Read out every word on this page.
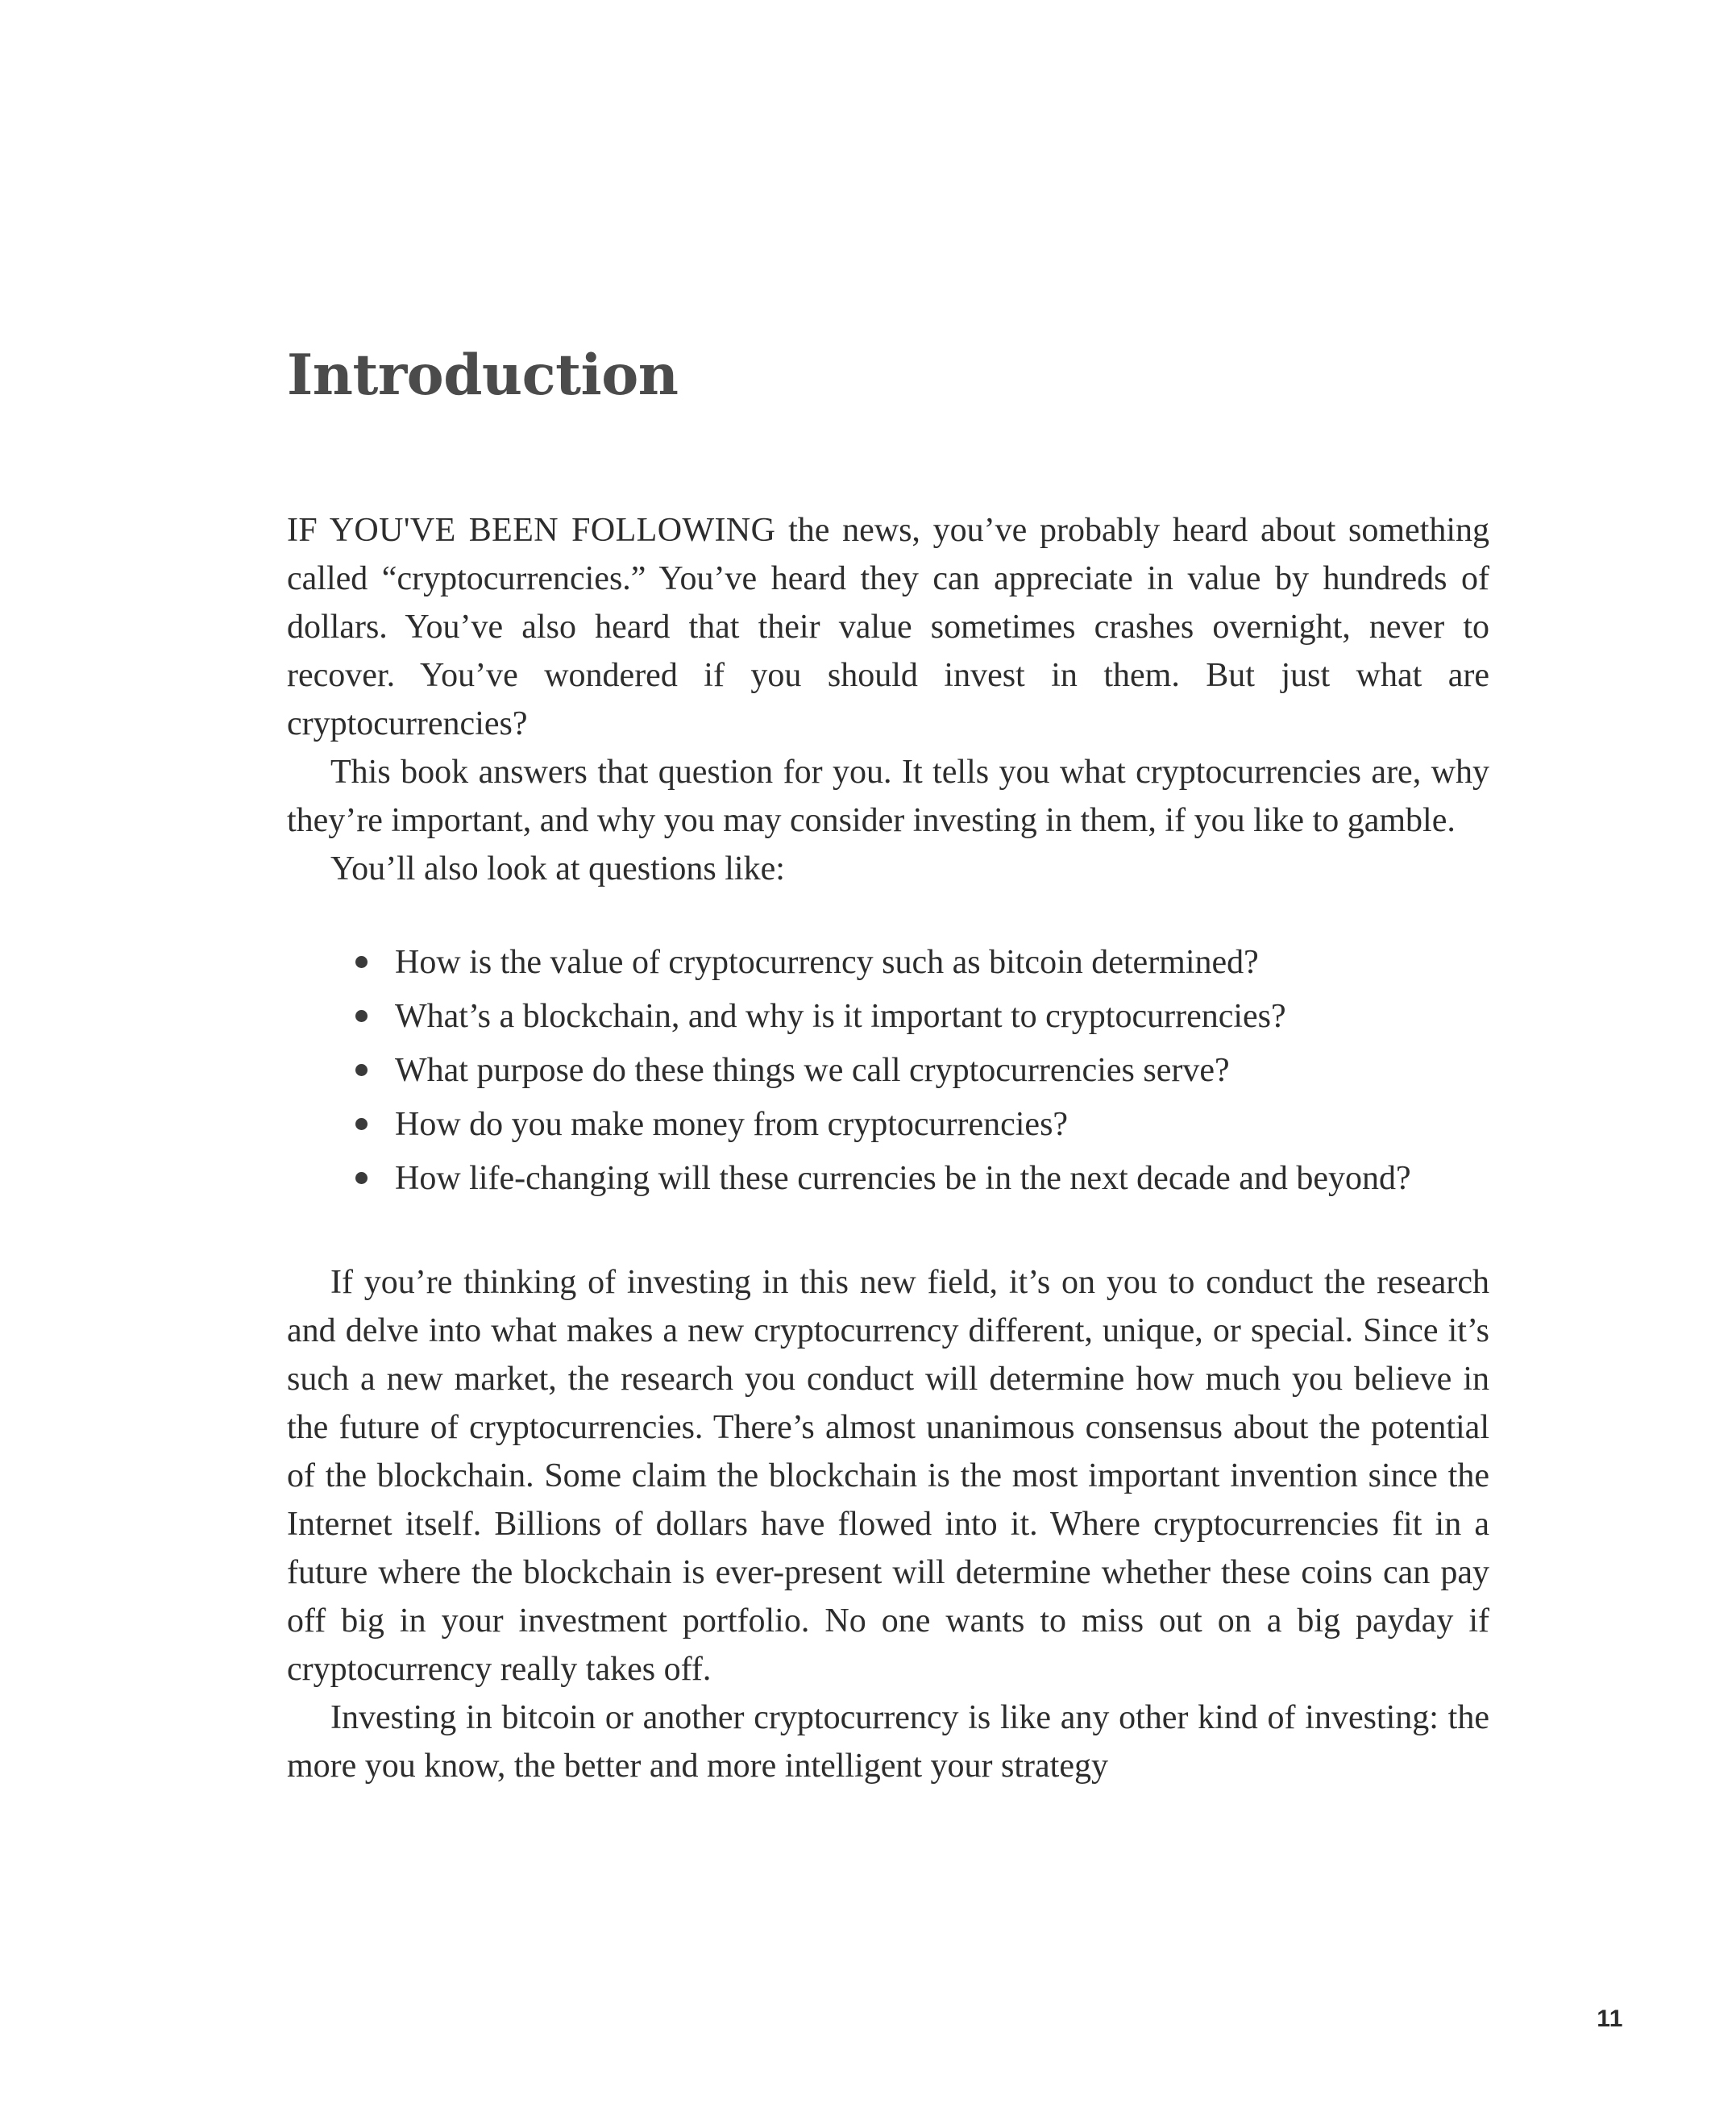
Introduction

IF YOU'VE BEEN FOLLOWING the news, you’ve probably heard about something called “cryptocurrencies.” You’ve heard they can appreciate in value by hundreds of dollars. You’ve also heard that their value sometimes crashes overnight, never to recover. You’ve wondered if you should invest in them. But just what are cryptocurrencies?

This book answers that question for you. It tells you what cryptocurrencies are, why they’re important, and why you may consider investing in them, if you like to gamble.

You’ll also look at questions like:

How is the value of cryptocurrency such as bitcoin determined?
What’s a blockchain, and why is it important to cryptocurrencies?
What purpose do these things we call cryptocurrencies serve?
How do you make money from cryptocurrencies?
How life-changing will these currencies be in the next decade and beyond?

If you’re thinking of investing in this new field, it’s on you to conduct the research and delve into what makes a new cryptocurrency different, unique, or special. Since it’s such a new market, the research you conduct will determine how much you believe in the future of cryptocurrencies. There’s almost unanimous consensus about the potential of the blockchain. Some claim the blockchain is the most important invention since the Internet itself. Billions of dollars have flowed into it. Where cryptocurrencies fit in a future where the blockchain is ever-present will determine whether these coins can pay off big in your investment portfolio. No one wants to miss out on a big payday if cryptocurrency really takes off.

Investing in bitcoin or another cryptocurrency is like any other kind of investing: the more you know, the better and more intelligent your strategy

11
